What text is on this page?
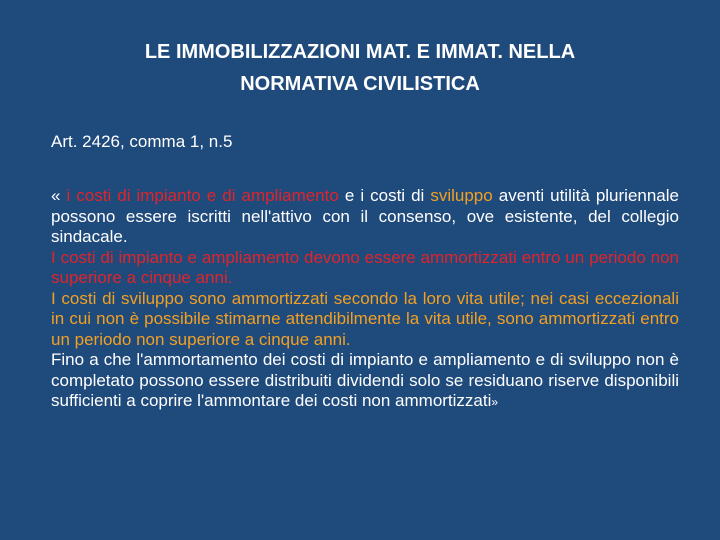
LE IMMOBILIZZAZIONI MAT. E IMMAT. NELLA
NORMATIVA CIVILISTICA
Art. 2426, comma 1, n.5

« i costi di impianto e di ampliamento e i costi di sviluppo aventi utilità pluriennale possono essere iscritti nell'attivo con il consenso, ove esistente, del collegio sindacale.

I costi di impianto e ampliamento devono essere ammortizzati entro un periodo non superiore a cinque anni.

I costi di sviluppo sono ammortizzati secondo la loro vita utile; nei casi eccezionali in cui non è possibile stimarne attendibilmente la vita utile, sono ammortizzati entro un periodo non superiore a cinque anni.

Fino a che l'ammortamento dei costi di impianto e ampliamento e di sviluppo non è completato possono essere distribuiti dividendi solo se residuano riserve disponibili sufficienti a coprire l'ammontare dei costi non ammortizzati»
